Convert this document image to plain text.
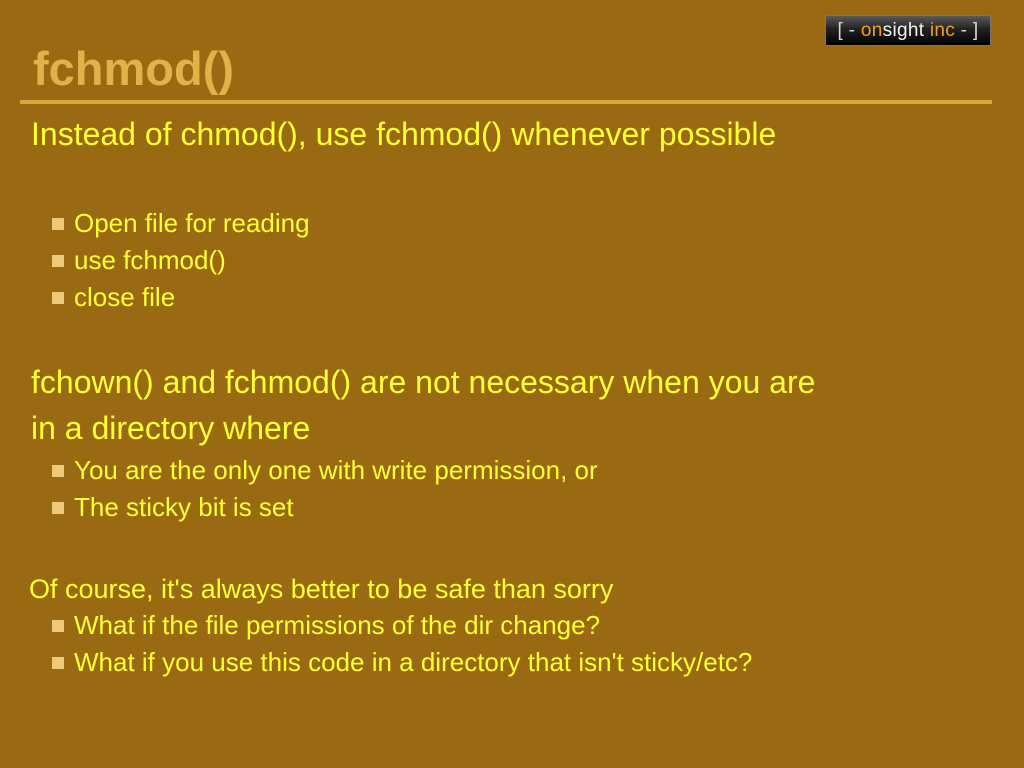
[ -
on sight
inc
- ]
fchmod()

Instead of chmod(), use fchmod() whenever possible

Open file for reading
use fchmod()
close file

fchown() and fchmod() are not necessary when you are

in a directory where

You are the only one with write permission, or
The sticky bit is set

Of course, it's always better to be safe than sorry

What if the file permissions of the dir change?
What if you use this code in a directory that isn't sticky/etc?
